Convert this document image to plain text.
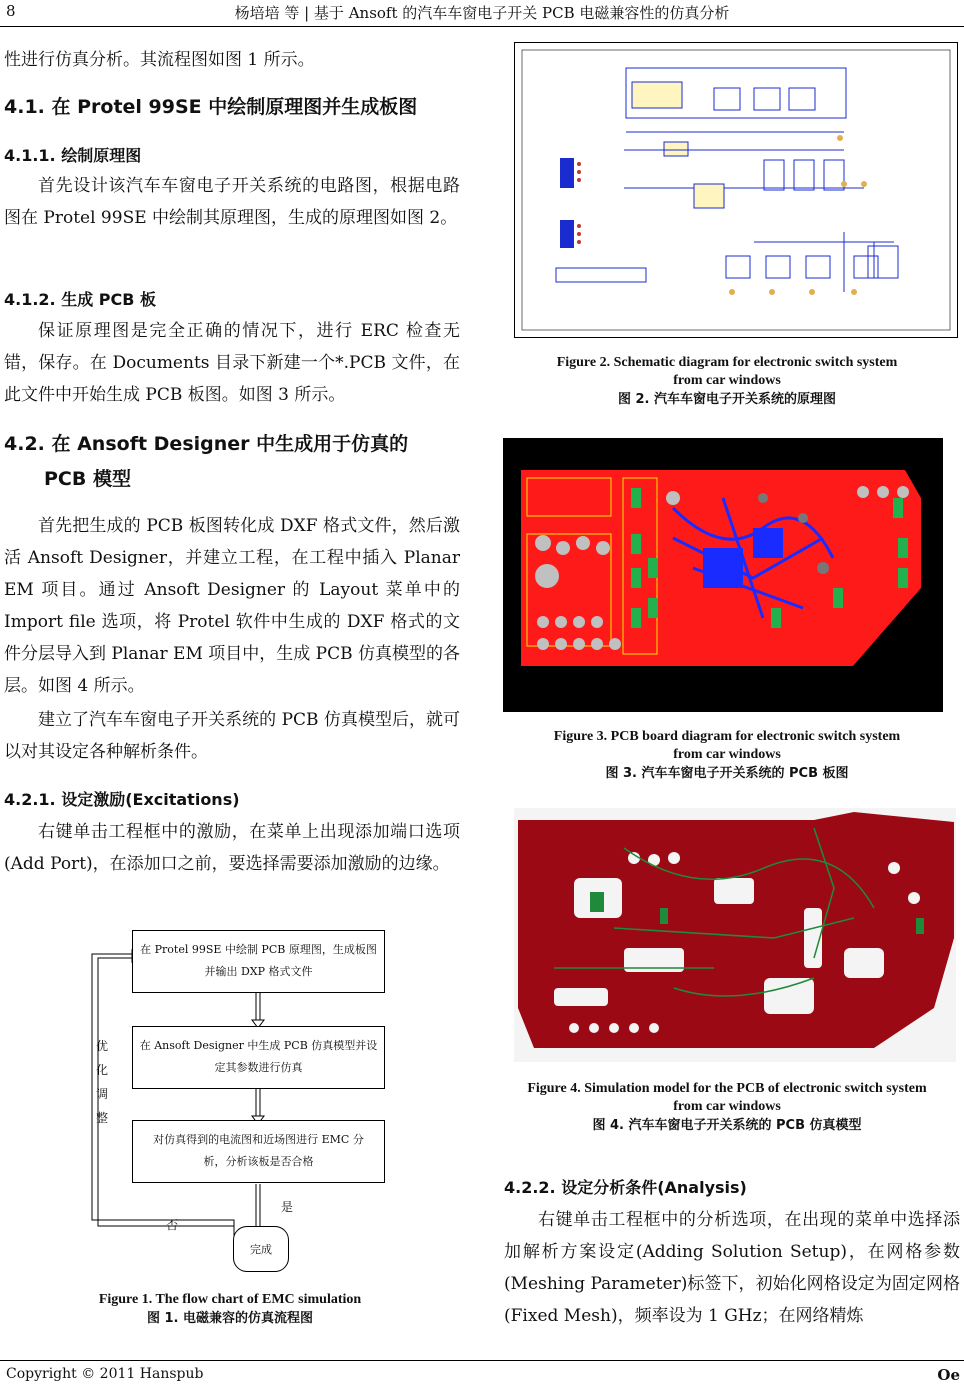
8	杨培培 等 | 基于 Ansoft 的汽车车窗电子开关 PCB 电磁兼容性的仿真分析
性进行仿真分析。其流程图如图 1 所示。
4.1. 在 Protel 99SE 中绘制原理图并生成板图
4.1.1. 绘制原理图
首先设计该汽车车窗电子开关系统的电路图，根据电路图在 Protel 99SE 中绘制其原理图，生成的原理图如图 2。
4.1.2. 生成 PCB 板
保证原理图是完全正确的情况下，进行 ERC 检查无错，保存。在 Documents 目录下新建一个*.PCB 文件，在此文件中开始生成 PCB 板图。如图 3 所示。
4.2. 在 Ansoft Designer 中生成用于仿真的
PCB 模型
首先把生成的 PCB 板图转化成 DXF 格式文件，然后激活 Ansoft Designer，并建立工程，在工程中插入 Planar EM 项目。通过 Ansoft Designer 的 Layout 菜单中的 Import file 选项，将 Protel 软件中生成的 DXF 格式的文件分层导入到 Planar EM 项目中，生成 PCB 仿真模型的各层。如图 4 所示。
建立了汽车车窗电子开关系统的 PCB 仿真模型后，就可以对其设定各种解析条件。
4.2.1. 设定激励(Excitations)
右键单击工程框中的激励，在菜单上出现添加端口选项(Add Port)，在添加口之前，要选择需要添加激励的边缘。
在 Protel 99SE 中绘制 PCB 原理图，生成板图
并输出 DXP 格式文件
在 Ansoft Designer 中生成 PCB 仿真模型并设
定其参数进行仿真
对仿真得到的电流图和近场图进行 EMC 分
析，分析该板是否合格
完成
是
否
优
化
调
整
Figure 1. The flow chart of EMC simulation
图 1. 电磁兼容的仿真流程图
Figure 2. Schematic diagram for electronic switch system
from car windows
图 2. 汽车车窗电子开关系统的原理图
Figure 3. PCB board diagram for electronic switch system
from car windows
图 3. 汽车车窗电子开关系统的 PCB 板图
Figure 4. Simulation model for the PCB of electronic switch system
from car windows
图 4. 汽车车窗电子开关系统的 PCB 仿真模型
4.2.2. 设定分析条件(Analysis)
右键单击工程框中的分析选项，在出现的菜单中选择添加解析方案设定(Adding Solution Setup)，在网格参数(Meshing Parameter)标签下，初始化网格设定为固定网格(Fixed Mesh)，频率设为 1 GHz；在网络精炼
Copyright © 2011 Hanspub	Oe
